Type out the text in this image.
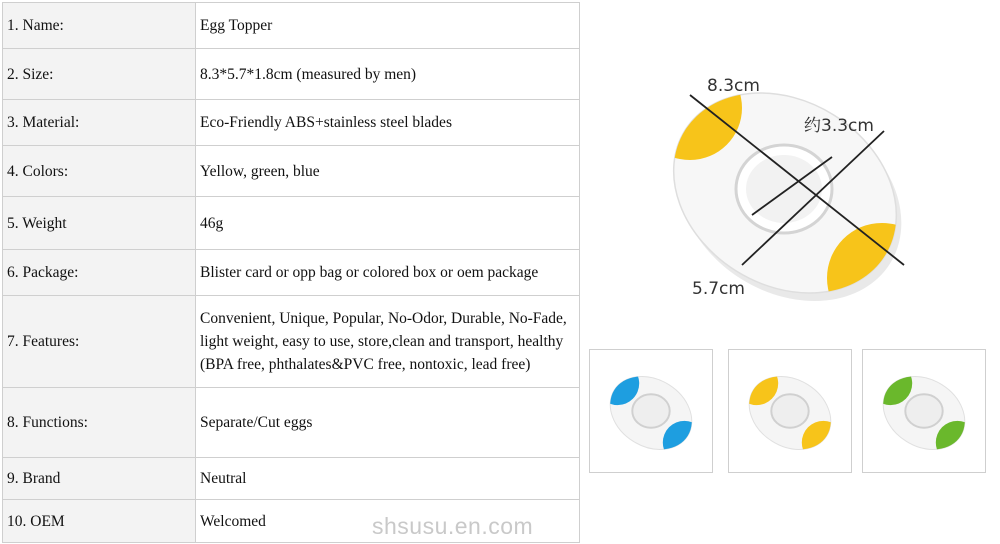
1. Name:	Egg Topper
2. Size:	8.3*5.7*1.8cm (measured by men)
3. Material:	Eco-Friendly ABS+stainless steel blades
4. Colors:	Yellow, green, blue
5. Weight	46g
6. Package:	Blister card or opp bag or colored box or oem package
7. Features:	Convenient, Unique, Popular, No-Odor, Durable, No-Fade, light weight, easy to use, store,clean and transport, healthy (BPA free, phthalates&PVC free, nontoxic, lead free)
8. Functions:	Separate/Cut eggs
9. Brand	Neutral
10. OEM	Welcomed
8.3cm
约3.3cm
5.7cm
shsusu.en.com
